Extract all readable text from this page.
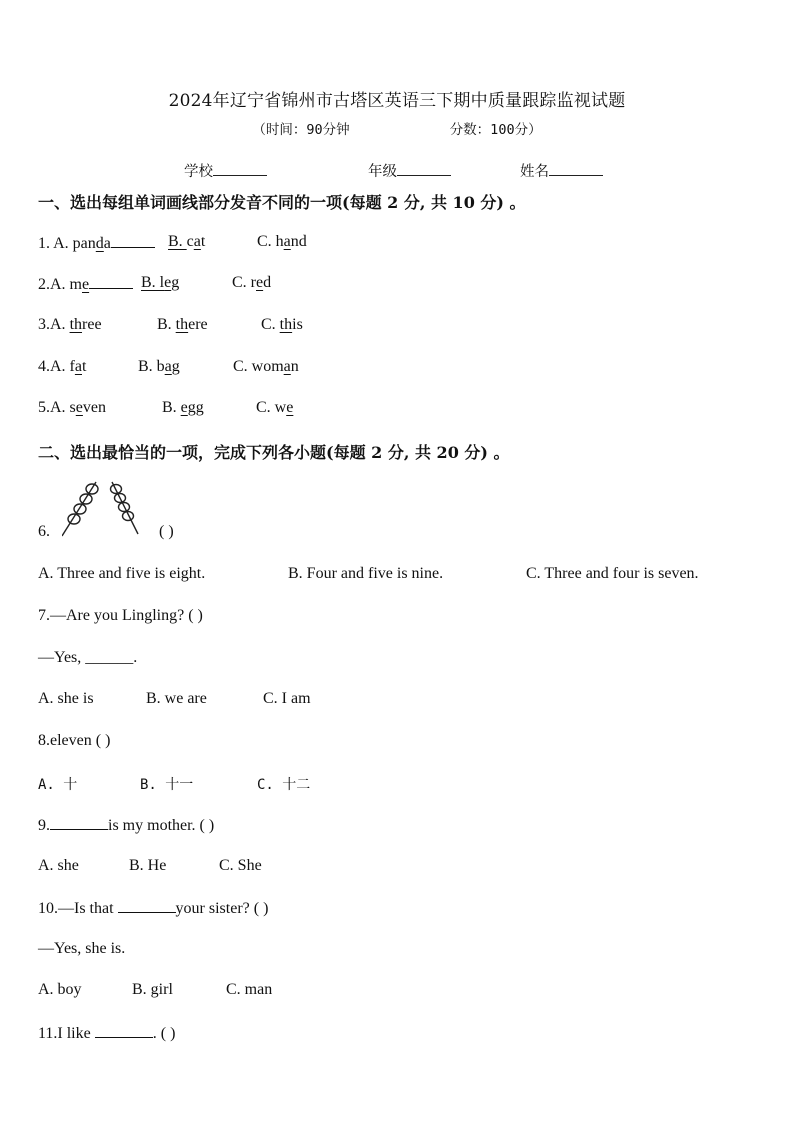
2024年辽宁省锦州市古塔区英语三下期中质量跟踪监视试题
（时间：90分钟	分数：100分）
学校	年级	姓名
一、选出每组单词画线部分发音不同的一项(每题 2 分, 共 10 分) 。
1. A. panda	B. cat	C. hand
2.A. me	B. leg	C. red
3.A. three	B. there	C. this
4.A. fat	B. bag	C. woman
5.A. seven	B. egg	C. we
二、选出最恰当的一项，完成下列各小题(每题 2 分, 共 20 分) 。
6.	( )
A. Three and five is eight.	B. Four and five is nine.	C. Three and four is seven.
7.—Are you Lingling? ( )
—Yes, ______.
A. she is	B. we are	C. I am
8.eleven ( )
A. 十	B. 十一	C. 十二
9.	is my mother. ( )
A. she	B. He	C. She
10.—Is that	your sister? ( )
—Yes, she is.
A. boy	B. girl	C. man
11.I like	. ( )
